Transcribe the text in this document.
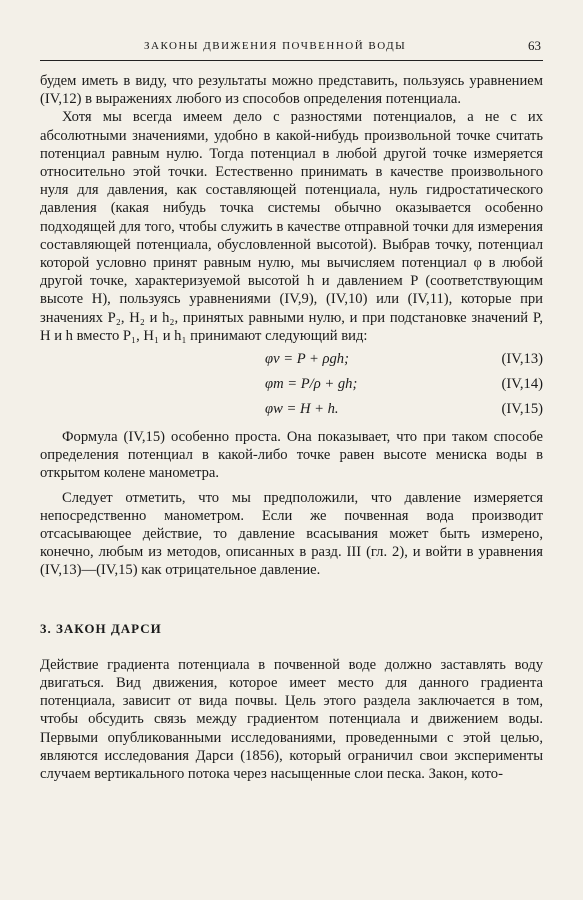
ЗАКОНЫ ДВИЖЕНИЯ ПОЧВЕННОЙ ВОДЫ	63

будем иметь в виду, что результаты можно представить, пользуясь уравнением (IV,12) в выражениях любого из способов определения потенциала.

Хотя мы всегда имеем дело с разностями потенциалов, а не с их абсолютными значениями, удобно в какой-нибудь произвольной точке считать потенциал равным нулю. Тогда потенциал в любой другой точке измеряется относительно этой точки. Естественно принимать в качестве произвольного нуля для давления, как составляющей потенциала, нуль гидростатического давления (какая нибудь точка системы обычно оказывается особенно подходящей для того, чтобы служить в качестве отправной точки для измерения составляющей потенциала, обусловленной высотой). Выбрав точку, потенциал которой условно принят равным нулю, мы вычисляем потенциал φ в любой другой точке, характеризуемой высотой h и давлением P (соответствующим высоте H), пользуясь уравнениями (IV,9), (IV,10) или (IV,11), которые при значениях P₂, H₂ и h₂, принятых равными нулю, и при подстановке значений P, H и h вместо P₁, H₁ и h₁ принимают следующий вид:

φv = P + ρgh;	(IV,13)
φm = P/ρ + gh;	(IV,14)
φw = H + h.	(IV,15)

Формула (IV,15) особенно проста. Она показывает, что при таком способе определения потенциал в какой-либо точке равен высоте мениска воды в открытом колене манометра.

Следует отметить, что мы предположили, что давление измеряется непосредственно манометром. Если же почвенная вода производит отсасывающее действие, то давление всасывания может быть измерено, конечно, любым из методов, описанных в разд. III (гл. 2), и войти в уравнения (IV,13)—(IV,15) как отрицательное давление.

3. ЗАКОН ДАРСИ

Действие градиента потенциала в почвенной воде должно заставлять воду двигаться. Вид движения, которое имеет место для данного градиента потенциала, зависит от вида почвы. Цель этого раздела заключается в том, чтобы обсудить связь между градиентом потенциала и движением воды. Первыми опубликованными исследованиями, проведенными с этой целью, являются исследования Дарси (1856), который ограничил свои эксперименты случаем вертикального потока через насыщенные слои песка. Закон, кото-
